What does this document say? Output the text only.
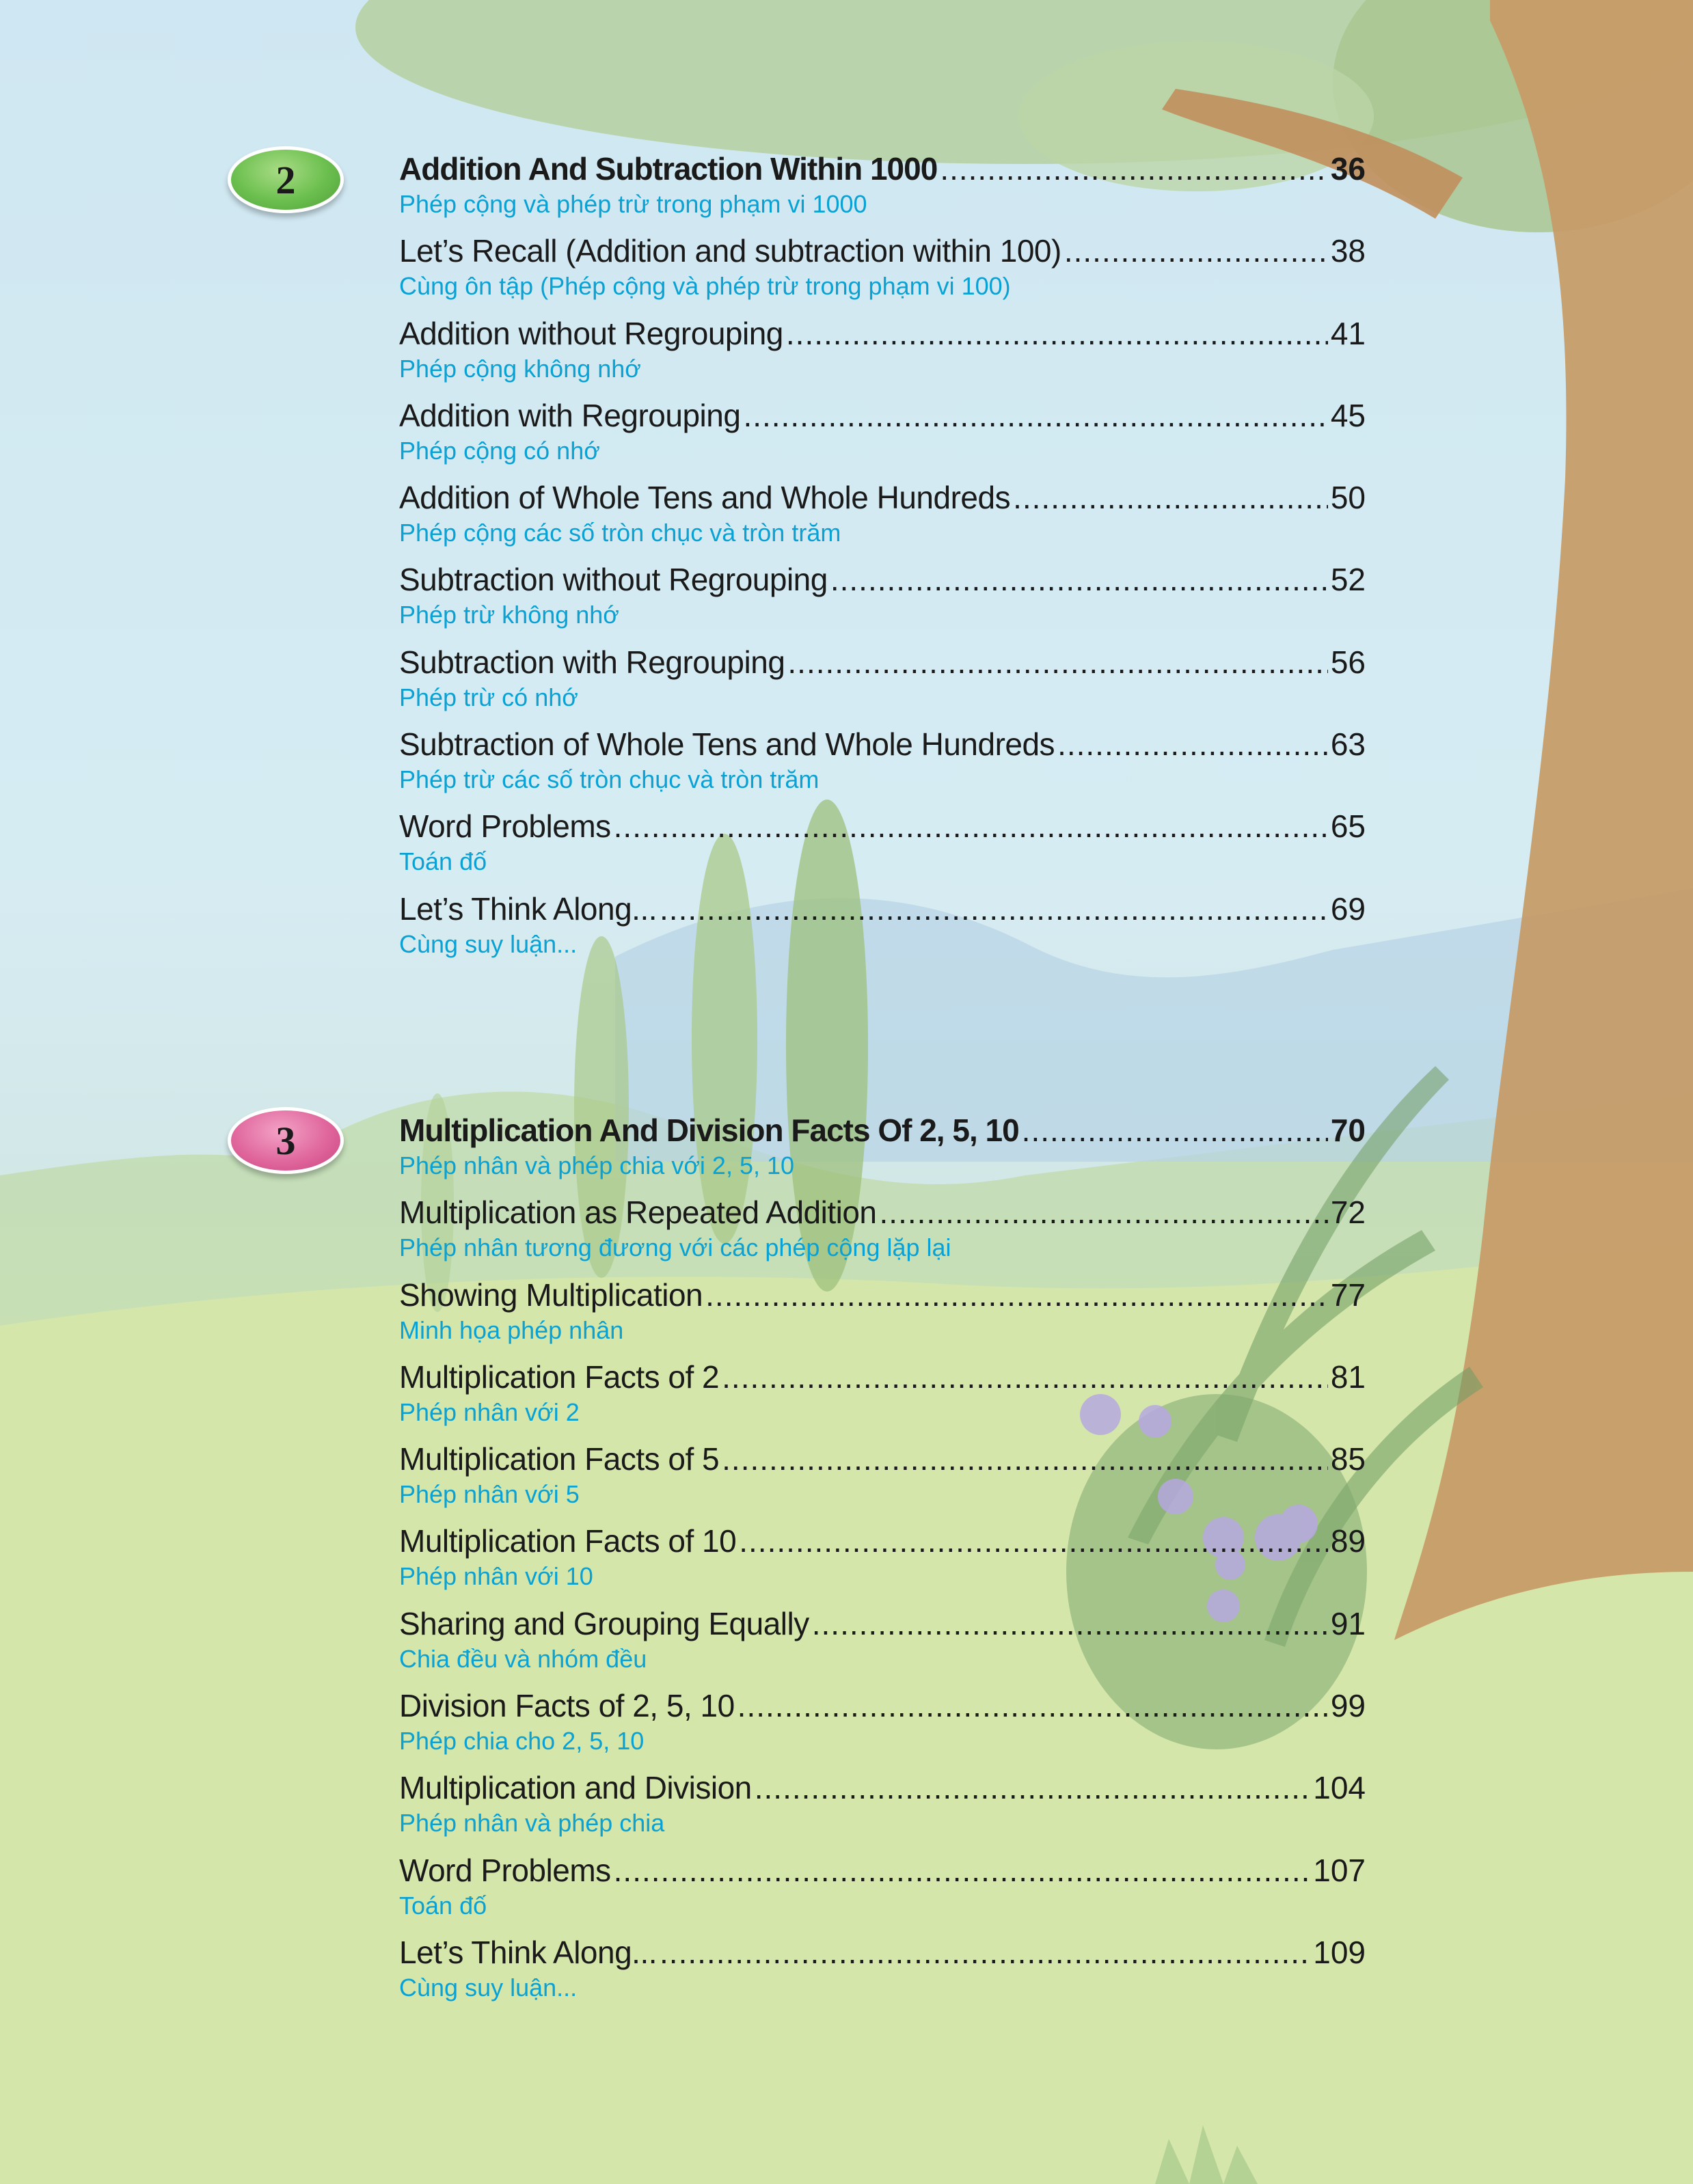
2	Addition And Subtraction Within 1000 .....	36
Phép cộng và phép trừ trong phạm vi 1000
Let’s Recall (Addition and subtraction within 100) .....	38
Cùng ôn tập (Phép cộng và phép trừ trong phạm vi 100)
Addition without Regrouping .....	41
Phép cộng không nhớ
Addition with Regrouping .....	45
Phép cộng có nhớ
Addition of Whole Tens and Whole Hundreds .....	50
Phép cộng các số tròn chục và tròn trăm
Subtraction without Regrouping .....	52
Phép trừ không nhớ
Subtraction with Regrouping .....	56
Phép trừ có nhớ
Subtraction of Whole Tens and Whole Hundreds .....	63
Phép trừ các số tròn chục và tròn trăm
Word Problems .....	65
Toán đố
Let’s Think Along... .....	69
Cùng suy luận...
3	Multiplication And Division Facts Of 2, 5, 10 .....	70
Phép nhân và phép chia với 2, 5, 10
Multiplication as Repeated Addition .....	72
Phép nhân tương đương với các phép cộng lặp lại
Showing Multiplication .....	77
Minh họa phép nhân
Multiplication Facts of 2 .....	81
Phép nhân với 2
Multiplication Facts of 5 .....	85
Phép nhân với 5
Multiplication Facts of 10 .....	89
Phép nhân với 10
Sharing and Grouping Equally .....	91
Chia đều và nhóm đều
Division Facts of 2, 5, 10 .....	99
Phép chia cho 2, 5, 10
Multiplication and Division .....	104
Phép nhân và phép chia
Word Problems .....	107
Toán đố
Let’s Think Along... .....	109
Cùng suy luận...
